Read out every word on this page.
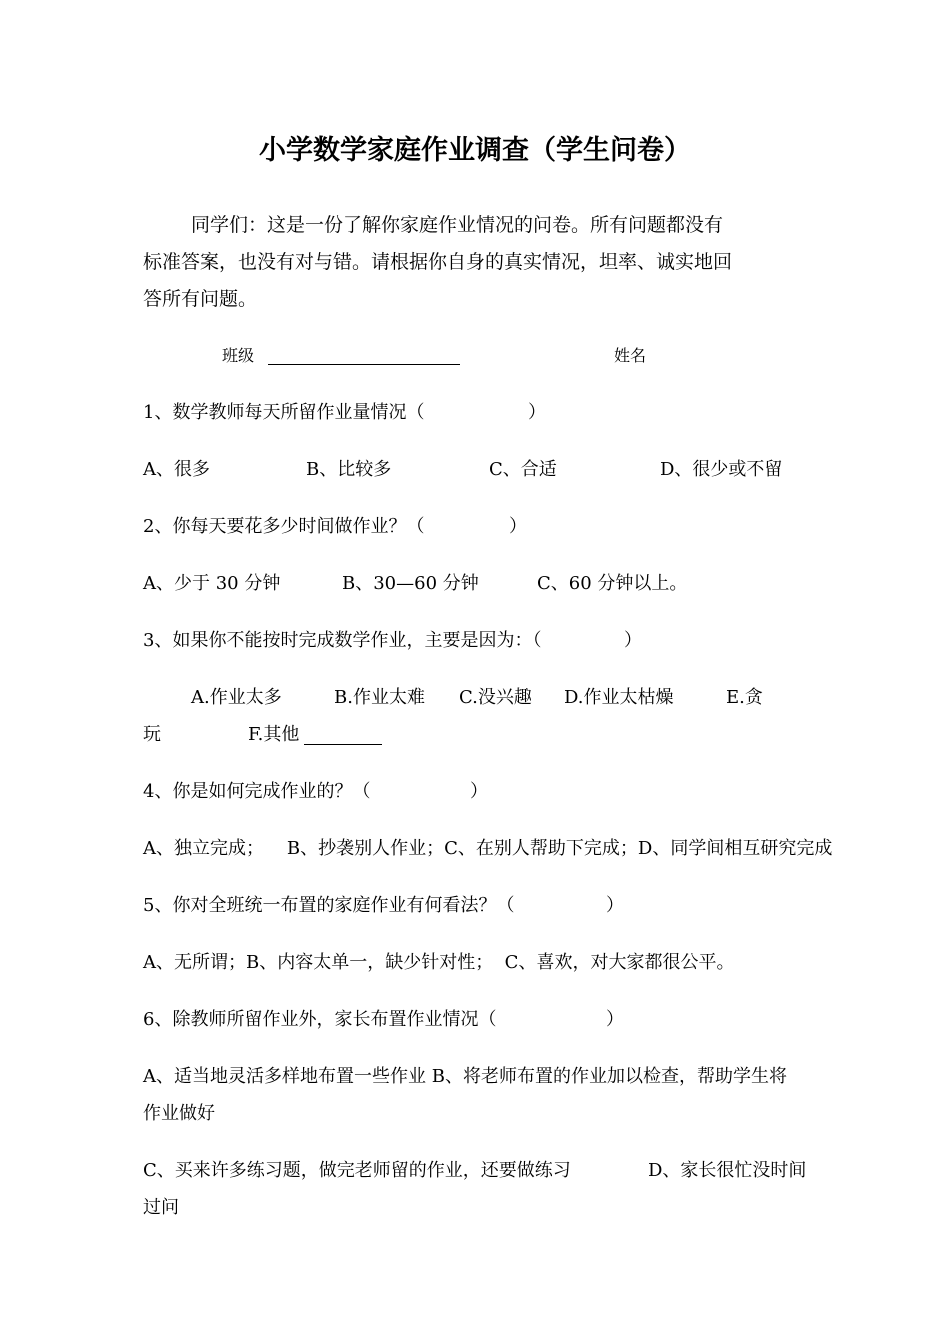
小学数学家庭作业调查（学生问卷）
同学们：这是一份了解你家庭作业情况的问卷。所有问题都没有
标准答案，也没有对与错。请根据你自身的真实情况，坦率、诚实地回
答所有问题。
班级	姓名
1、数学教师每天所留作业量情况（	）
A、很多	B、比较多	C、合适	D、很少或不留
2、你每天要花多少时间做作业？（	）
A、少于 30 分钟	B、30—60 分钟	C、60 分钟以上。
3、如果你不能按时完成数学作业，主要是因为：（	）
A.作业太多	B.作业太难 C.没兴趣 D.作业太枯燥	E.贪
玩	F.其他
4、你是如何完成作业的？（	）
A、独立完成；    B、抄袭别人作业；C、在别人帮助下完成；D、同学间相互研究完成
5、你对全班统一布置的家庭作业有何看法？（	）
A、无所谓；B、内容太单一，缺少针对性；  C、喜欢，对大家都很公平。
6、除教师所留作业外，家长布置作业情况（	）
A、适当地灵活多样地布置一些作业 B、将老师布置的作业加以检查，帮助学生将
作业做好
C、买来许多练习题，做完老师留的作业，还要做练习	D、家长很忙没时间
过问
